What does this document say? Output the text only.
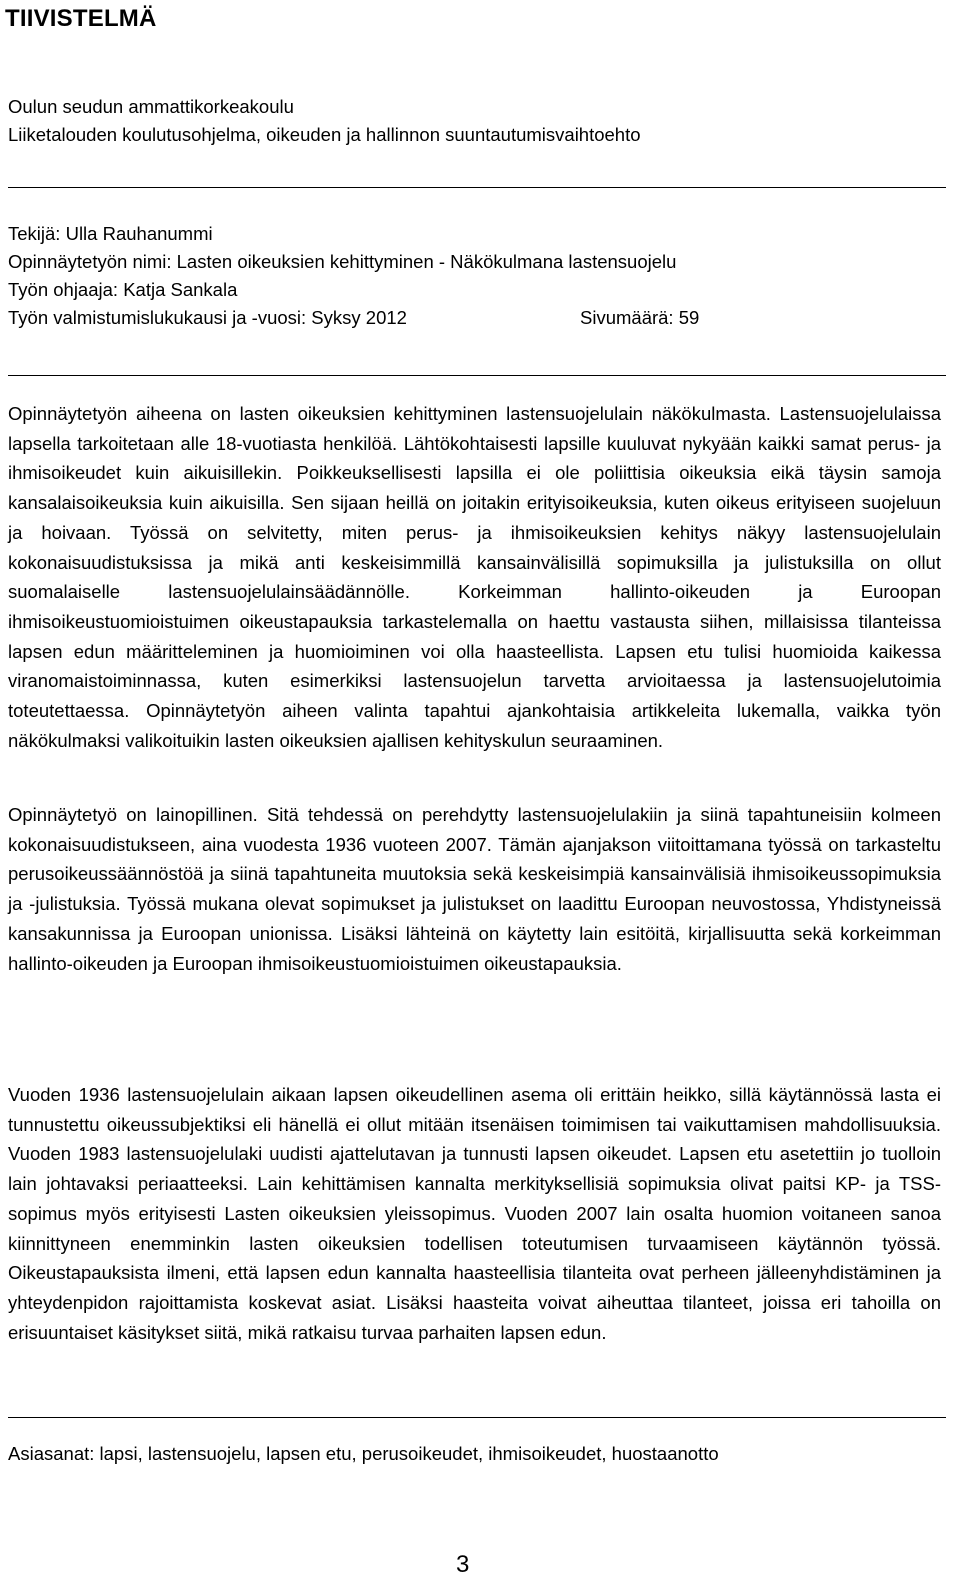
TIIVISTELMÄ
Oulun seudun ammattikorkeakoulu
Liiketalouden koulutusohjelma, oikeuden ja hallinnon suuntautumisvaihtoehto
Tekijä: Ulla Rauhanummi
Opinnäytetyön nimi: Lasten oikeuksien kehittyminen - Näkökulmana lastensuojelu
Työn ohjaaja: Katja Sankala
Työn valmistumislukukausi ja -vuosi: Syksy 2012	Sivumäärä: 59

Opinnäytetyön aiheena on lasten oikeuksien kehittyminen lastensuojelulain näkökulmasta. Lastensuojelulaissa lapsella tarkoitetaan alle 18-vuotiasta henkilöä. Lähtökohtaisesti lapsille kuuluvat nykyään kaikki samat perus- ja ihmisoikeudet kuin aikuisillekin. Poikkeuksellisesti lapsilla ei ole poliittisia oikeuksia eikä täysin samoja kansalaisoikeuksia kuin aikuisilla. Sen sijaan heillä on joitakin erityisoikeuksia, kuten oikeus erityiseen suojeluun ja hoivaan. Työssä on selvitetty, miten perus- ja ihmisoikeuksien kehitys näkyy lastensuojelulain kokonaisuudistuksissa ja mikä anti keskeisimmillä kansainvälisillä sopimuksilla ja julistuksilla on ollut suomalaiselle lastensuojelulainsäädännölle. Korkeimman hallinto-oikeuden ja Euroopan ihmisoikeustuomioistuimen oikeustapauksia tarkastelemalla on haettu vastausta siihen, millaisissa tilanteissa lapsen edun määritteleminen ja huomioiminen voi olla haasteellista. Lapsen etu tulisi huomioida kaikessa viranomaistoiminnassa, kuten esimerkiksi lastensuojelun tarvetta arvioitaessa ja lastensuojelutoimia toteutettaessa. Opinnäytetyön aiheen valinta tapahtui ajankohtaisia artikkeleita lukemalla, vaikka työn näkökulmaksi valikoituikin lasten oikeuksien ajallisen kehityskulun seuraaminen.

Opinnäytetyö on lainopillinen. Sitä tehdessä on perehdytty lastensuojelulakiin ja siinä tapahtuneisiin kolmeen kokonaisuudistukseen, aina vuodesta 1936 vuoteen 2007. Tämän ajanjakson viitoittamana työssä on tarkasteltu perusoikeussäännöstöä ja siinä tapahtuneita muutoksia sekä keskeisimpiä kansainvälisiä ihmisoikeussopimuksia ja -julistuksia. Työssä mukana olevat sopimukset ja julistukset on laadittu Euroopan neuvostossa, Yhdistyneissä kansakunnissa ja Euroopan unionissa. Lisäksi lähteinä on käytetty lain esitöitä, kirjallisuutta sekä korkeimman hallinto-oikeuden ja Euroopan ihmisoikeustuomioistuimen oikeustapauksia.

Vuoden 1936 lastensuojelulain aikaan lapsen oikeudellinen asema oli erittäin heikko, sillä käytännössä lasta ei tunnustettu oikeussubjektiksi eli hänellä ei ollut mitään itsenäisen toimimisen tai vaikuttamisen mahdollisuuksia. Vuoden 1983 lastensuojelulaki uudisti ajattelutavan ja tunnusti lapsen oikeudet. Lapsen etu asetettiin jo tuolloin lain johtavaksi periaatteeksi. Lain kehittämisen kannalta merkityksellisiä sopimuksia olivat paitsi KP- ja TSS-sopimus myös erityisesti Lasten oikeuksien yleissopimus. Vuoden 2007 lain osalta huomion voitaneen sanoa kiinnittyneen enemminkin lasten oikeuksien todellisen toteutumisen turvaamiseen käytännön työssä. Oikeustapauksista ilmeni, että lapsen edun kannalta haasteellisia tilanteita ovat perheen jälleenyhdistäminen ja yhteydenpidon rajoittamista koskevat asiat. Lisäksi haasteita voivat aiheuttaa tilanteet, joissa eri tahoilla on erisuuntaiset käsitykset siitä, mikä ratkaisu turvaa parhaiten lapsen edun.

Asiasanat: lapsi, lastensuojelu, lapsen etu, perusoikeudet, ihmisoikeudet, huostaanotto
3
